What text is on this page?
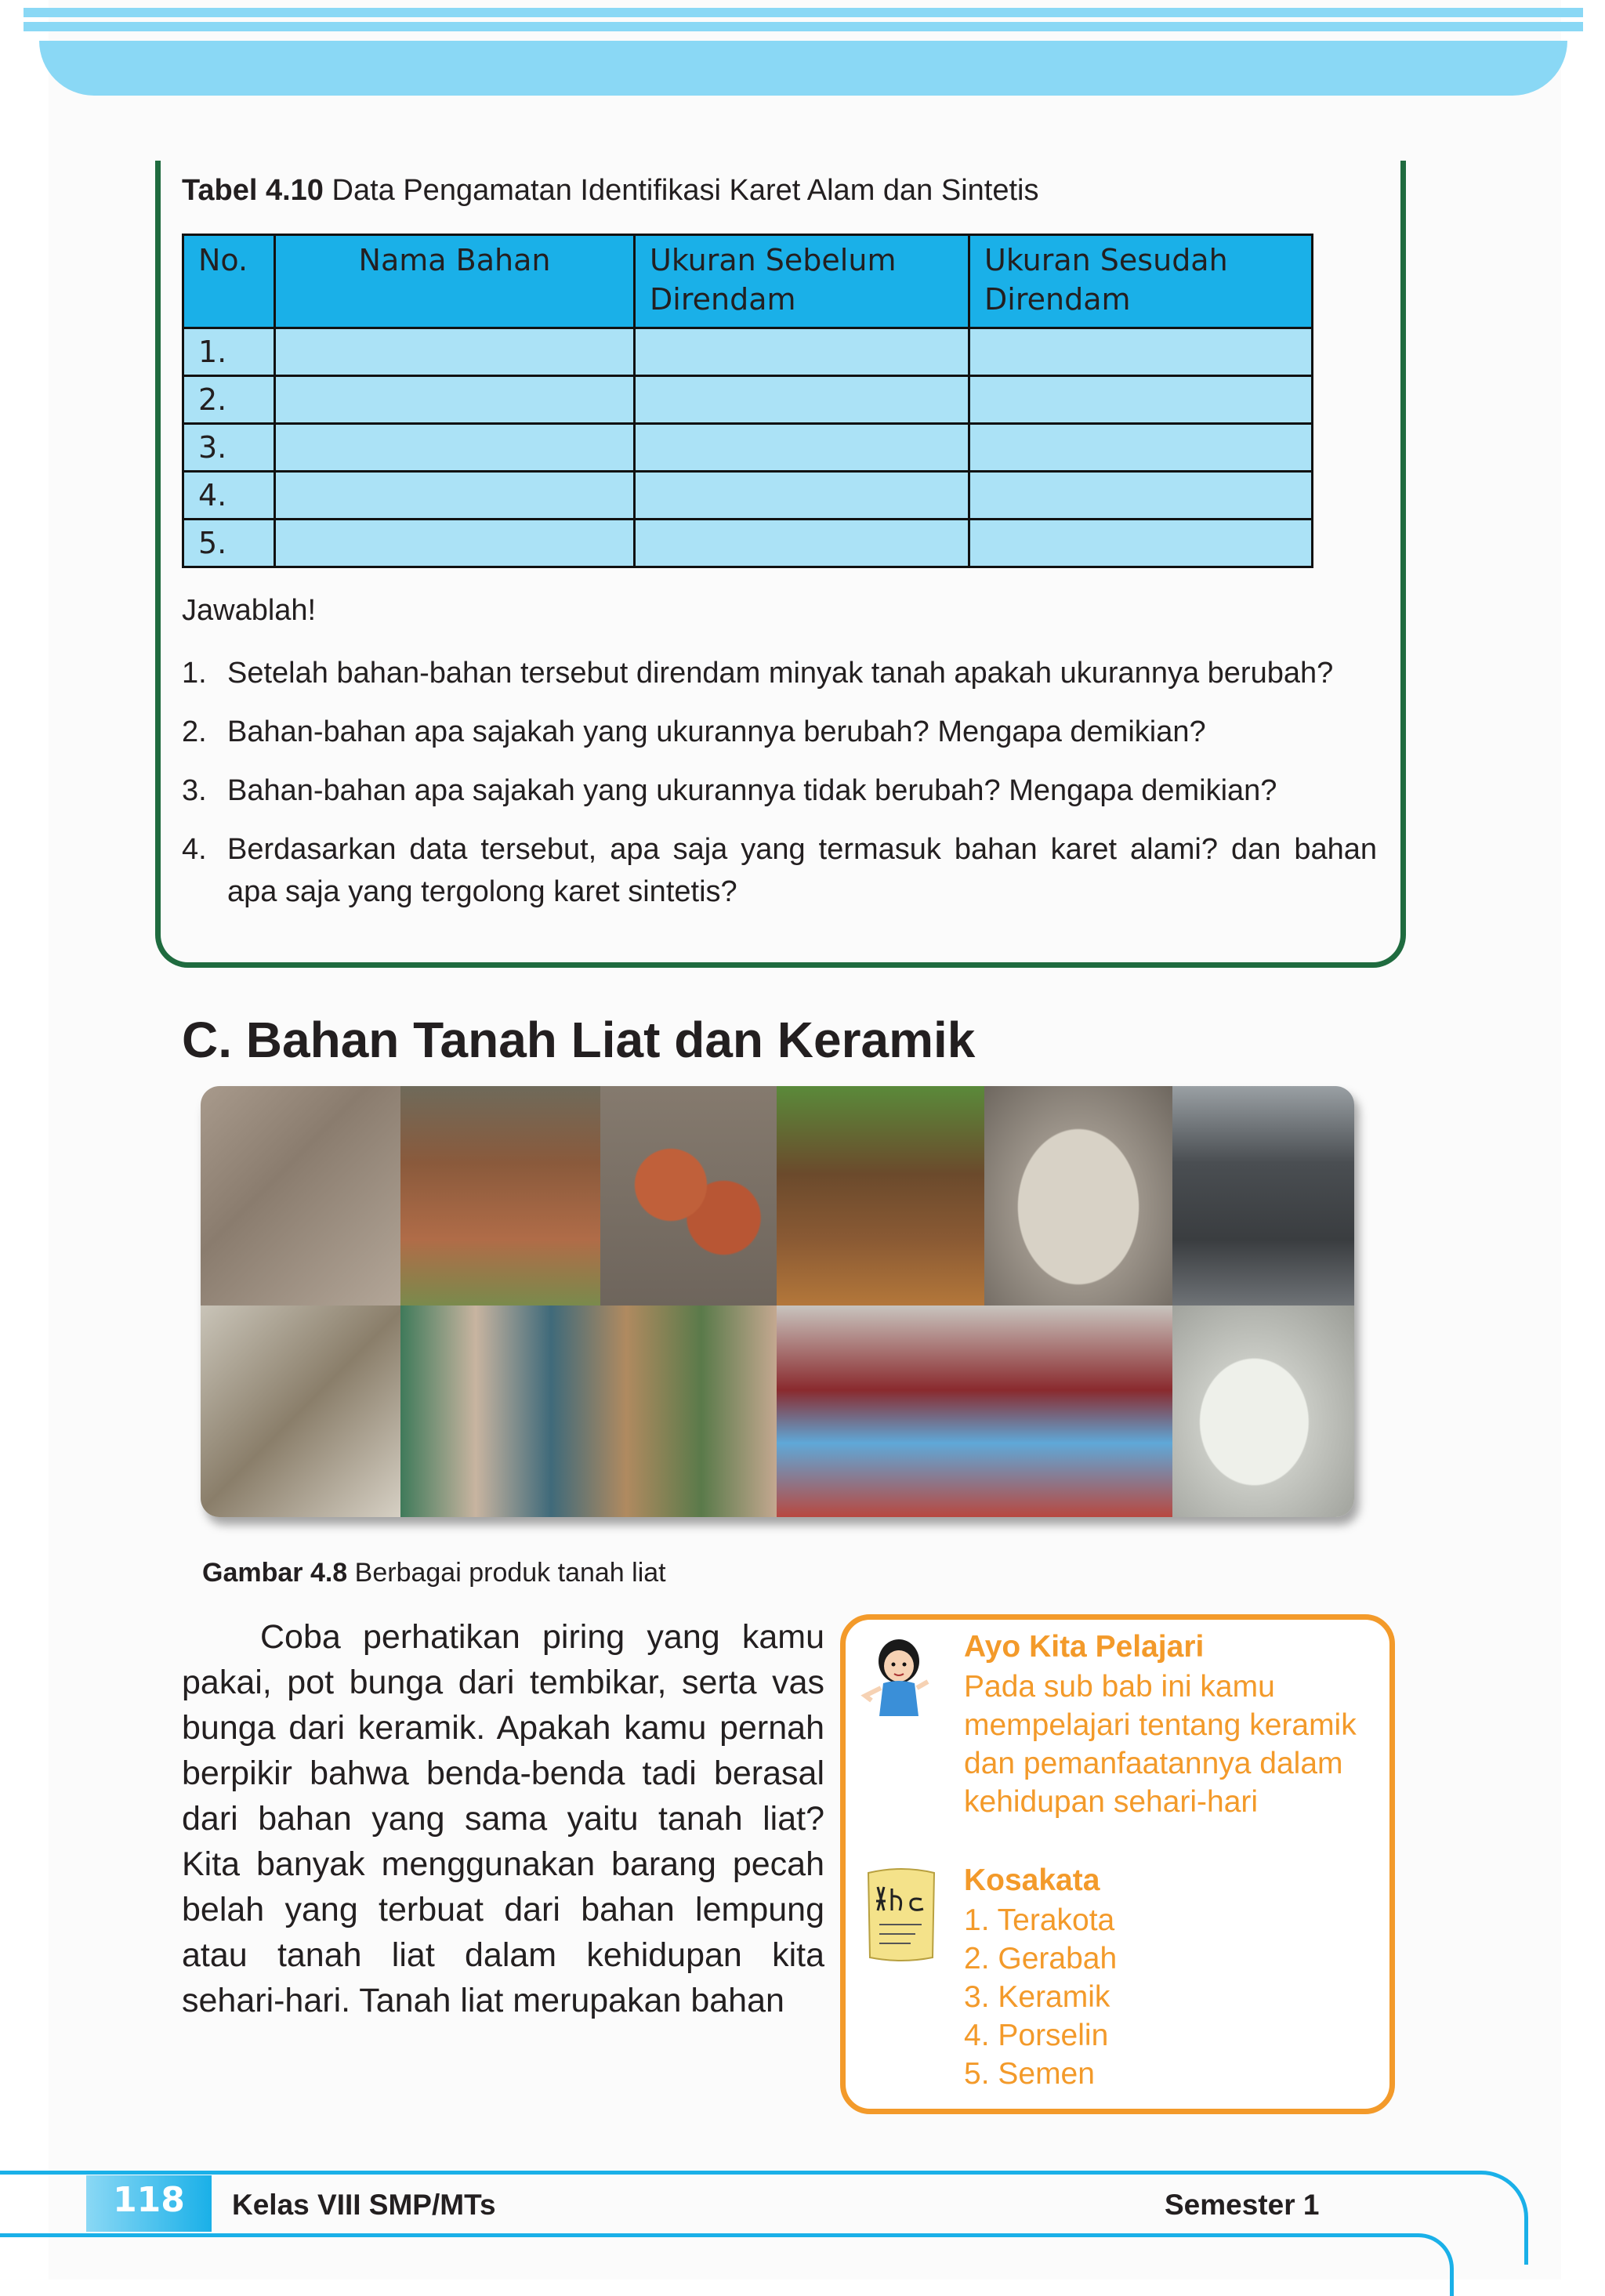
Tabel 4.10 Data Pengamatan Identifikasi Karet Alam dan Sintetis
No.	Nama Bahan	Ukuran Sebelum Direndam	Ukuran Sesudah Direndam
1.			
2.			
3.			
4.			
5.			
Jawablah!
1. Setelah bahan-bahan tersebut direndam minyak tanah apakah ukurannya berubah?
2. Bahan-bahan apa sajakah yang ukurannya berubah? Mengapa demikian?
3. Bahan-bahan apa sajakah yang ukurannya tidak berubah? Mengapa demikian?
4. Berdasarkan data tersebut, apa saja yang termasuk bahan karet alami? dan bahan apa saja yang tergolong karet sintetis?
C. Bahan Tanah Liat dan Keramik
Gambar 4.8 Berbagai produk tanah liat

Coba perhatikan piring yang kamu pakai, pot bunga dari tembikar, serta vas bunga dari keramik. Apakah kamu pernah berpikir bahwa benda-benda tadi berasal dari bahan yang sama yaitu tanah liat? Kita banyak menggunakan barang pecah belah yang terbuat dari bahan lempung atau tanah liat dalam kehidupan kita sehari-hari. Tanah liat merupakan bahan

Ayo Kita Pelajari
Pada sub bab ini kamu mempelajari tentang keramik dan pemanfaatannya dalam kehidupan sehari-hari
Kosakata
1. Terakota
2. Gerabah
3. Keramik
4. Porselin
5. Semen
118	Kelas VIII SMP/MTs	Semester 1
